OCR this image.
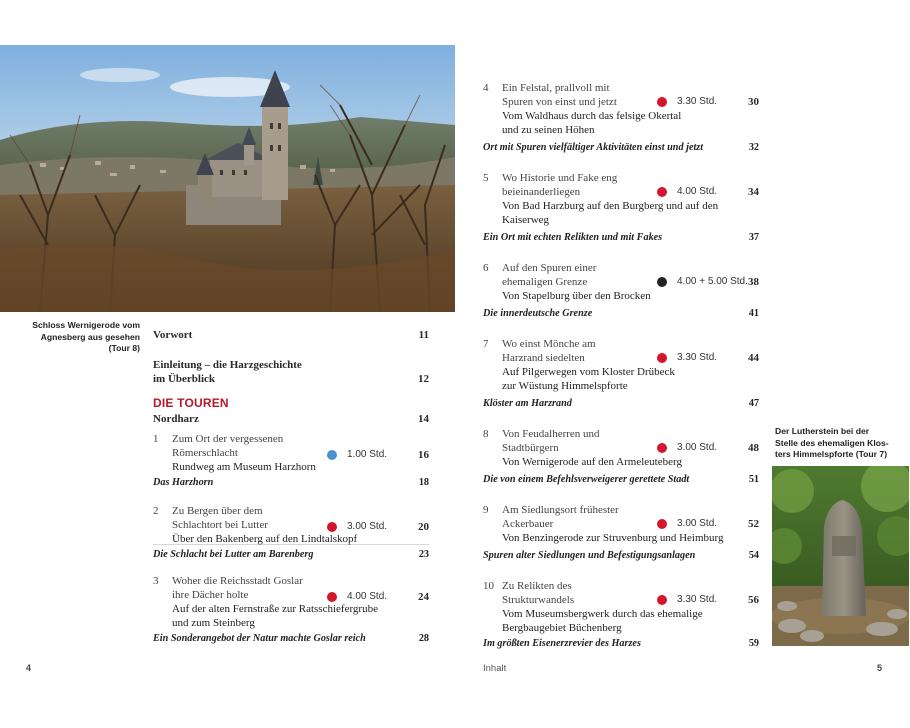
Schloss Wernigerode vom
Agnesberg aus gesehen
(Tour 8)
Vorwort	11
Einleitung – die Harzgeschichte
im Überblick	12
DIE TOUREN
Nordharz	14
1 Zum Ort der vergessenen
Römerschlacht	1.00 Std.	16
Rundweg am Museum Harzhorn
Das Harzhorn	18
2 Zu Bergen über dem
Schlachtort bei Lutter	3.00 Std.	20
Über den Bakenberg auf den Lindtalskopf
Die Schlacht bei Lutter am Barenberg	23
3 Woher die Reichsstadt Goslar
ihre Dächer holte	4.00 Std.	24
Auf der alten Fernstraße zur Ratsschiefergrube
und zum Steinberg
Ein Sonderangebot der Natur machte Goslar reich	28
4
4 Ein Felstal, prallvoll mit
Spuren von einst und jetzt	3.30 Std.	30
Vom Waldhaus durch das felsige Okertal
und zu seinen Höhen
Ort mit Spuren vielfältiger Aktivitäten einst und jetzt	32
5 Wo Historie und Fake eng
beieinanderliegen	4.00 Std.	34
Von Bad Harzburg auf den Burgberg und auf den
Kaiserweg
Ein Ort mit echten Relikten und mit Fakes	37
6 Auf den Spuren einer
ehemaligen Grenze	4.00 + 5.00 Std. 38
Von Stapelburg über den Brocken
Die innerdeutsche Grenze	41
7 Wo einst Mönche am
Harzrand siedelten	3.30 Std.	44
Auf Pilgerwegen vom Kloster Drübeck
zur Wüstung Himmelspforte
Klöster am Harzrand	47
8 Von Feudalherren und
Stadtbürgern	3.00 Std.	48
Von Wernigerode auf den Armeleuteberg
Die von einem Befehlsverweigerer gerettete Stadt	51
9 Am Siedlungsort frühester
Ackerbauer	3.00 Std.	52
Von Benzingerode zur Struvenburg und Heimburg
Spuren alter Siedlungen und Befestigungsanlagen	54
10 Zu Relikten des
Strukturwandels	3.30 Std.	56
Vom Museumsbergwerk durch das ehemalige
Bergbaugebiet Büchenberg
Im größten Eisenerzrevier des Harzes	59
Der Lutherstein bei der
Stelle des ehemaligen Klos-
ters Himmelspforte (Tour 7)
Inhalt	5
